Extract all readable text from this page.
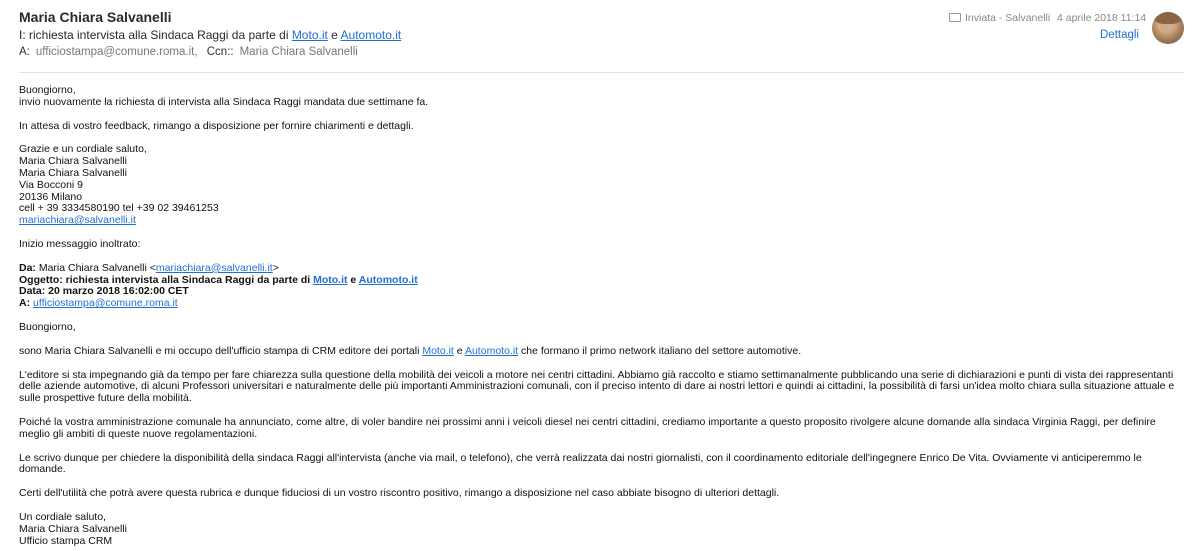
Maria Chiara Salvanelli
I: richiesta intervista alla Sindaca Raggi da parte di Moto.it e Automoto.it
A: ufficiostampa@comune.roma.it, Ccn:: Maria Chiara Salvanelli
Inviata - Salvanelli 4 aprile 2018 11:14
Dettagli

Buongiorno,

invio nuovamente la richiesta di intervista alla Sindaca Raggi mandata due settimane fa.

In attesa di vostro feedback, rimango a disposizione per fornire chiarimenti e dettagli.

Grazie e un cordiale saluto,

Maria Chiara Salvanelli

Maria Chiara Salvanelli

Via Bocconi 9

20136 Milano

cell + 39 3334580190 tel +39 02 39461253

mariachiara@salvanelli.it

Inizio messaggio inoltrato:

Da: Maria Chiara Salvanelli <mariachiara@salvanelli.it>

Oggetto: richiesta intervista alla Sindaca Raggi da parte di Moto.it e Automoto.it

Data: 20 marzo 2018 16:02:00 CET

A: ufficiostampa@comune.roma.it

Buongiorno,

sono Maria Chiara Salvanelli e mi occupo dell'ufficio stampa di CRM editore dei portali Moto.it e Automoto.it che formano il primo network italiano del settore automotive.

L'editore si sta impegnando già da tempo per fare chiarezza sulla questione della mobilità dei veicoli a motore nei centri cittadini. Abbiamo già raccolto e stiamo settimanalmente pubblicando una serie di dichiarazioni e punti di vista dei rappresentanti delle aziende automotive, di alcuni Professori universitari e naturalmente delle più importanti Amministrazioni comunali, con il preciso intento di dare ai nostri lettori e quindi ai cittadini, la possibilità di farsi un'idea molto chiara sulla situazione attuale e sulle prospettive future della mobilità.

Poiché la vostra amministrazione comunale ha annunciato, come altre, di voler bandire nei prossimi anni i veicoli diesel nei centri cittadini, crediamo importante a questo proposito rivolgere alcune domande alla sindaca Virginia Raggi, per definire meglio gli ambiti di queste nuove regolamentazioni.

Le scrivo dunque per chiedere la disponibilità della sindaca Raggi all'intervista (anche via mail, o telefono), che verrà realizzata dai nostri giornalisti, con il coordinamento editoriale dell'ingegnere Enrico De Vita. Ovviamente vi anticiperemmo le domande.

Certi dell'utilità che potrà avere questa rubrica e dunque fiduciosi di un vostro riscontro positivo, rimango a disposizione nel caso abbiate bisogno di ulteriori dettagli.

Un cordiale saluto,

Maria Chiara Salvanelli

Ufficio stampa CRM
